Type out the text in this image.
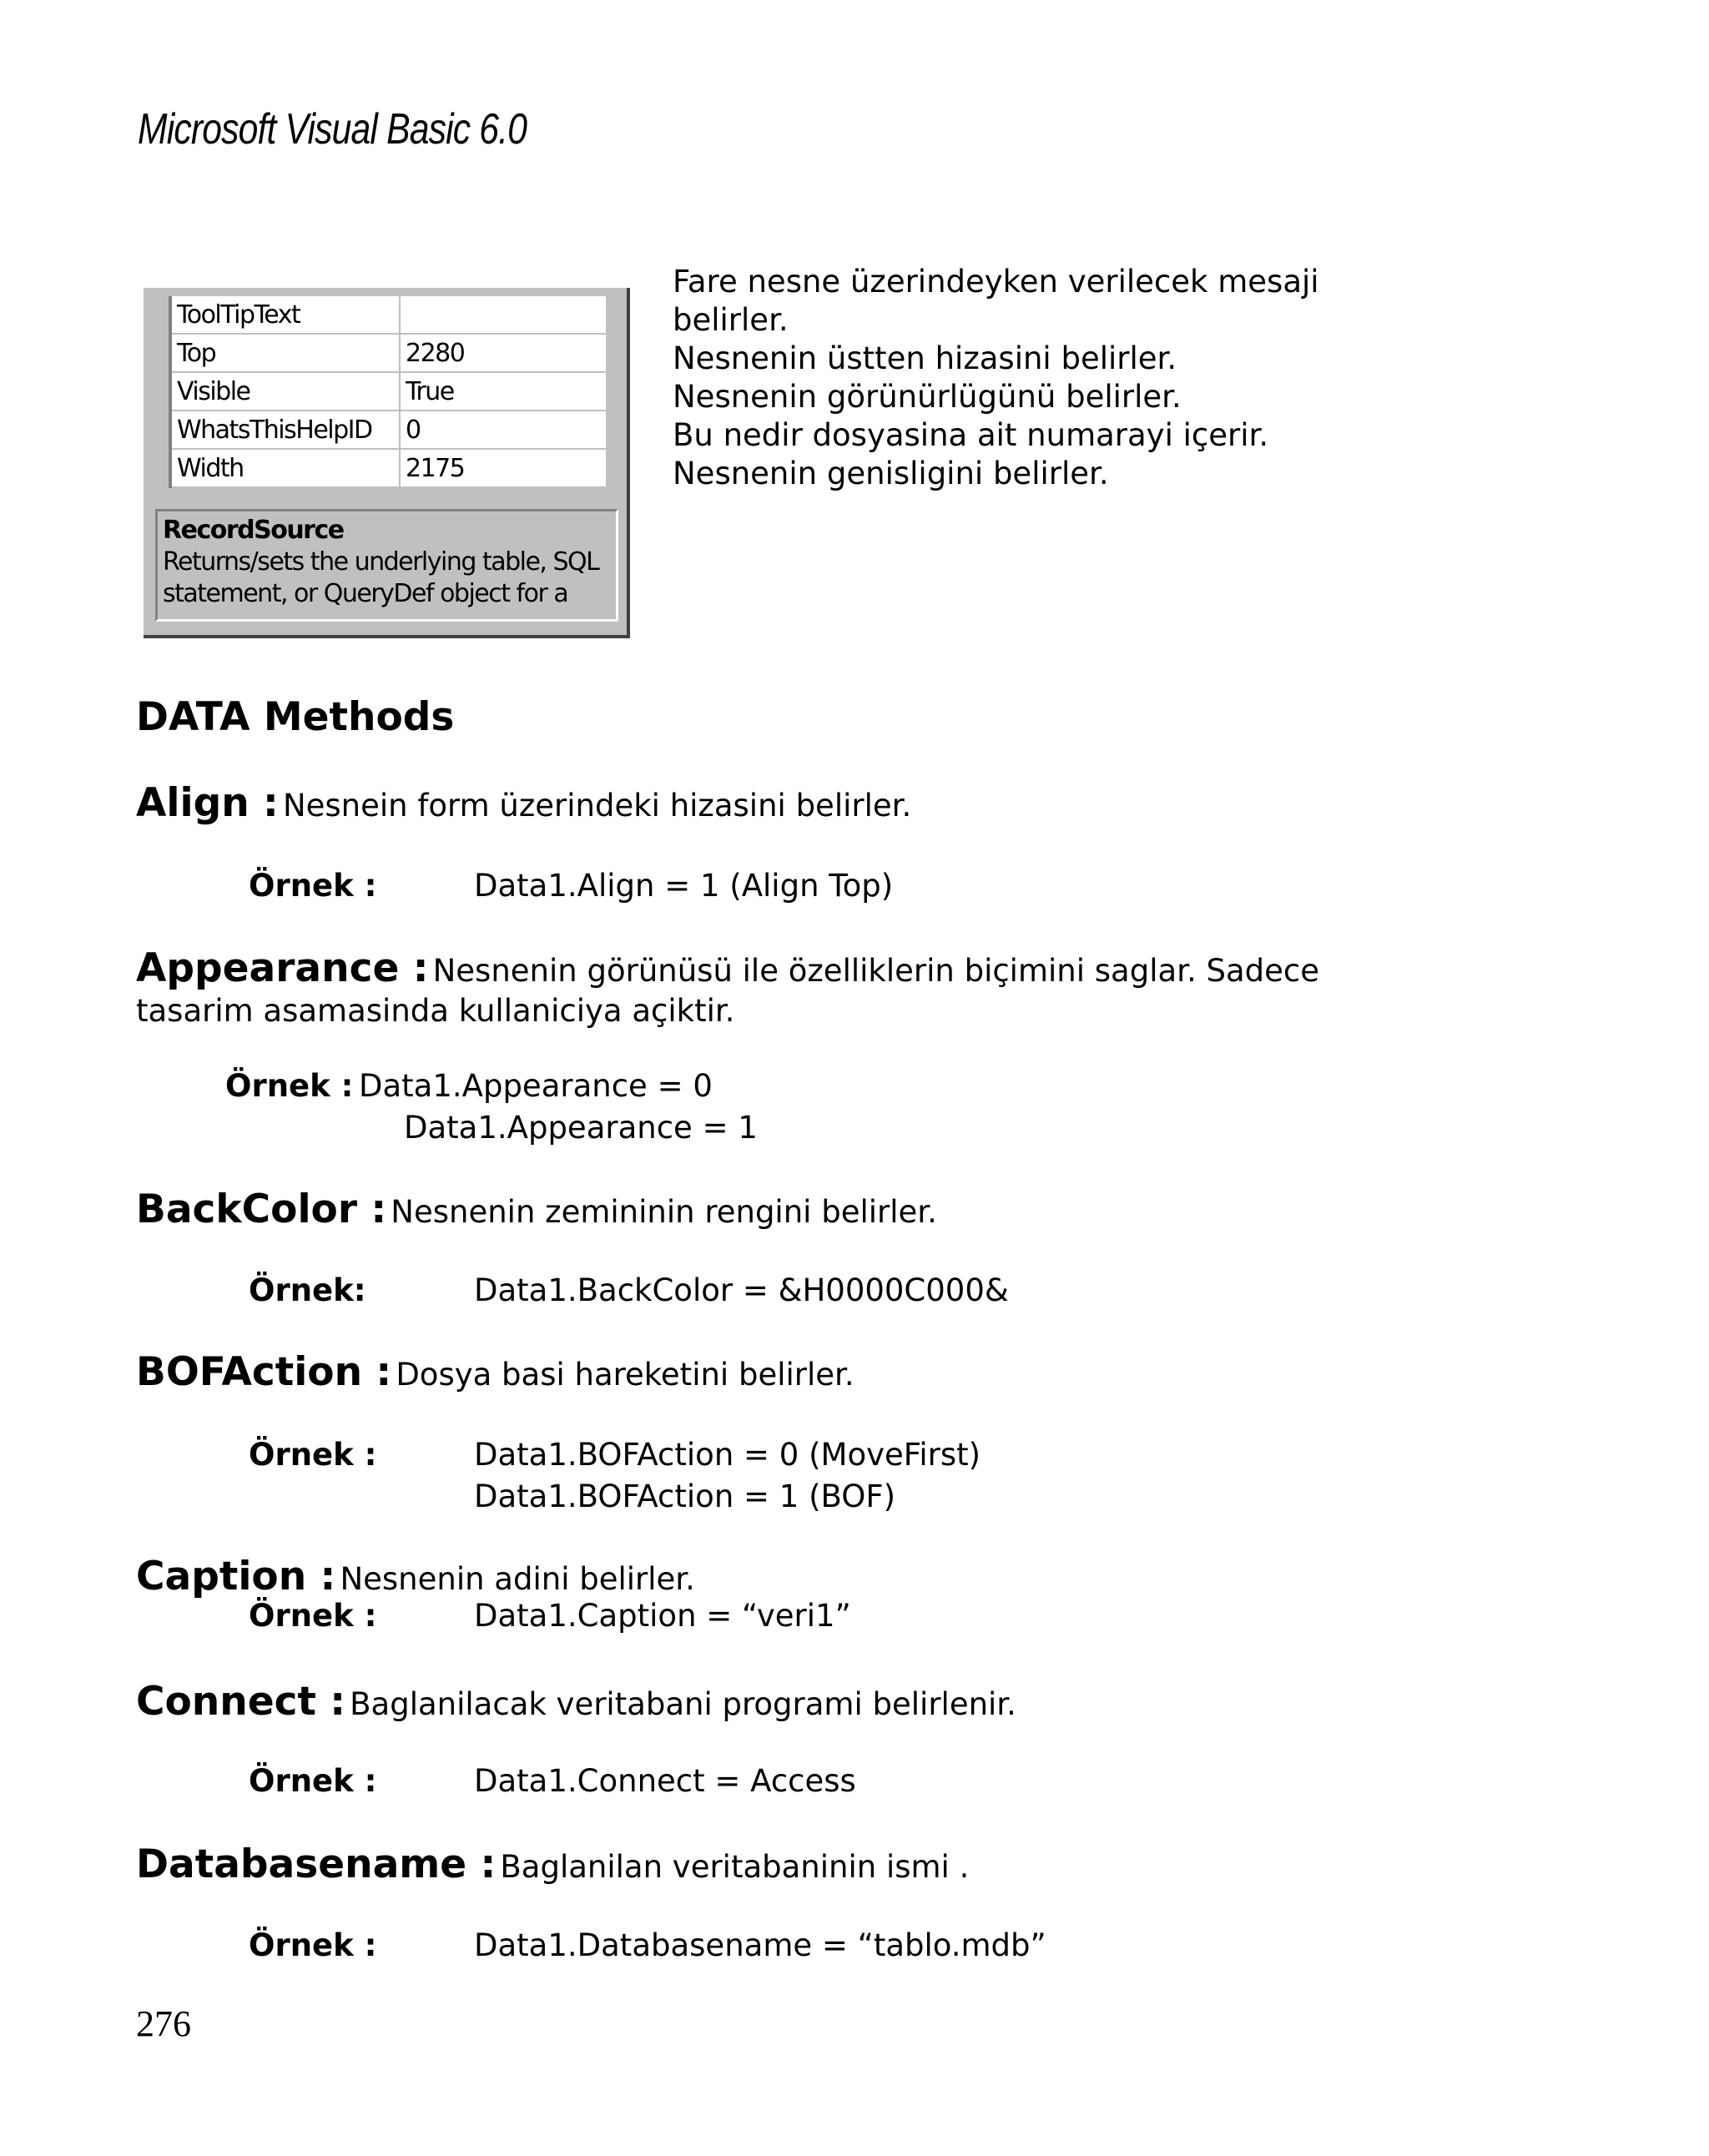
Microsoft Visual Basic 6.0
ToolTipText	
Top	2280
Visible	True
WhatsThisHelpID	0
Width	2175
RecordSource
Returns/sets the underlying table, SQL
statement, or QueryDef object for a
Fare nesne üzerindeyken verilecek mesaji
belirler.
Nesnenin üstten hizasini belirler.
Nesnenin görünürlügünü belirler.
Bu nedir dosyasina ait numarayi içerir.
Nesnenin genisligini belirler.
DATA Methods
Align : Nesnein form üzerindeki hizasini belirler.
Örnek :	Data1.Align = 1 (Align Top)
Appearance : Nesnenin görünüsü ile özelliklerin biçimini saglar. Sadece
tasarim asamasinda kullaniciya açiktir.
Örnek : Data1.Appearance = 0
Data1.Appearance = 1
BackColor : Nesnenin zemininin rengini belirler.
Örnek:	Data1.BackColor = &H0000C000&
BOFAction : Dosya basi hareketini belirler.
Örnek :	Data1.BOFAction = 0 (MoveFirst)
Data1.BOFAction = 1 (BOF)
Caption : Nesnenin adini belirler.
Örnek :	Data1.Caption = “veri1”
Connect : Baglanilacak veritabani programi belirlenir.
Örnek :	Data1.Connect = Access
Databasename : Baglanilan veritabaninin ismi .
Örnek :	Data1.Databasename = “tablo.mdb”
276
